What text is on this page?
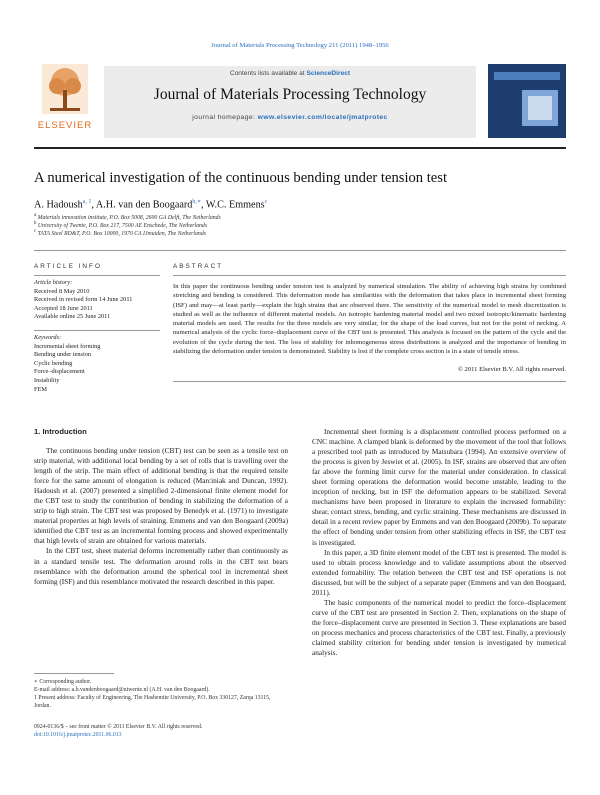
Journal of Materials Processing Technology 211 (2011) 1948–1956
ELSEVIER
Contents lists available at ScienceDirect
Journal of Materials Processing Technology
journal homepage: www.elsevier.com/locate/jmatprotec
A numerical investigation of the continuous bending under tension test
A. Hadoush$^{a, 1}$, A.H. van den Boogaard$^{b,∗}$, W.C. Emmens$^c$
$^a$ Materials innovation institute, P.O. Box 5008, 2600 GA Delft, The Netherlands
$^b$ University of Twente, P.O. Box 217, 7500 AE Enschede, The Netherlands
$^c$ TATA Steel RD&T, P.O. Box 10000, 1970 CA IJmuiden, The Netherlands
ARTICLE INFO
Article history:
Received 8 May 2010
Received in revised form 14 June 2011
Accepted 18 June 2011
Available online 25 June 2011
Keywords:
Incremental sheet forming
Bending under tension
Cyclic bending
Force–displacement
Instability
FEM
ABSTRACT
In this paper the continuous bending under tension test is analyzed by numerical simulation. The ability of achieving high strains by combined stretching and bending is considered. This deformation mode has similarities with the deformation that takes place in incremental sheet forming (ISF) and may—at least partly—explain the high strains that are observed there. The sensitivity of the numerical model to mesh discretization is studied as well as the influence of different material models. An isotropic hardening material model and two mixed isotropic/kinematic hardening material models are used. The results for the three models are very similar, for the shape of the load curves, but not for the point of necking. A numerical analysis of the cyclic force–displacement curve of the CBT test is presented. This analysis is focused on the pattern of the cycle and the evolution of the cycle during the test. The loss of stability for inhomogeneous stress distributions is analyzed and the importance of bending in stabilizing the deformation under tension is demonstrated. Stability is lost if the complete cross section is in a state of tensile stress.
© 2011 Elsevier B.V. All rights reserved.
1. Introduction

The continuous bending under tension (CBT) test can be seen as a tensile test on strip material, with additional local bending by a set of rolls that is travelling over the length of the strip. The main effect of additional bending is that the required tensile force for the same amount of elongation is reduced (Marciniak and Duncan, 1992). Hadoush et al. (2007) presented a simplified 2-dimensional finite element model for the CBT test to study the contribution of bending in stabilizing the deformation of a strip to high strain. The CBT test was proposed by Benedyk et al. (1971) to investigate material properties at high levels of straining. Emmens and van den Boogaard (2009a) identified the CBT test as an incremental forming process and showed experimentally that high levels of strain are obtained for various materials.

In the CBT test, sheet material deforms incrementally rather than continuously as in a standard tensile test. The deformation around rolls in the CBT test bears resemblance with the deformation around the spherical tool in incremental sheet forming (ISF) and this resemblance motivated the research described in this paper.

Incremental sheet forming is a displacement controlled process performed on a CNC machine. A clamped blank is deformed by the movement of the tool that follows a prescribed tool path as introduced by Matsubara (1994). An extensive overview of the process is given by Jeswiet et al. (2005). In ISF, strains are observed that are often far above the forming limit curve for the material under consideration. In classical sheet forming operations the deformation would become unstable, leading to the inception of necking, but in ISF the deformation appears to be stabilized. Several mechanisms have been proposed in literature to explain the increased formability: shear, contact stress, bending, and cyclic straining. These mechanisms are discussed in detail in a recent review paper by Emmens and van den Boogaard (2009b). To separate the effect of bending under tension from other stabilizing effects in ISF, the CBT test is investigated.

In this paper, a 3D finite element model of the CBT test is presented. The model is used to obtain process knowledge and to validate assumptions about the observed extended formability. The relation between the CBT test and ISF operations is not discussed, but will be the subject of a separate paper (Emmens and van den Boogaard, 2011).

The basic components of the numerical model to predict the force–displacement curve of the CBT test are presented in Section 2. Then, explanations on the shape of the force–displacement curve are presented in Section 3. These explanations are based on process mechanics and process characteristics of the CBT test. Finally, a previously claimed stability criterion for bending under tension is investigated by numerical analysis.

∗ Corresponding author.

E-mail address: a.h.vandenboogaard@utwente.nl (A.H. van den Boogaard).

1 Present address: Faculty of Engineering, The Hashemite University, P.O. Box 330127, Zarqa 13115, Jordan.

0924-0136/$ – see front matter © 2011 Elsevier B.V. All rights reserved.
doi:10.1016/j.jmatprotec.2011.06.013
